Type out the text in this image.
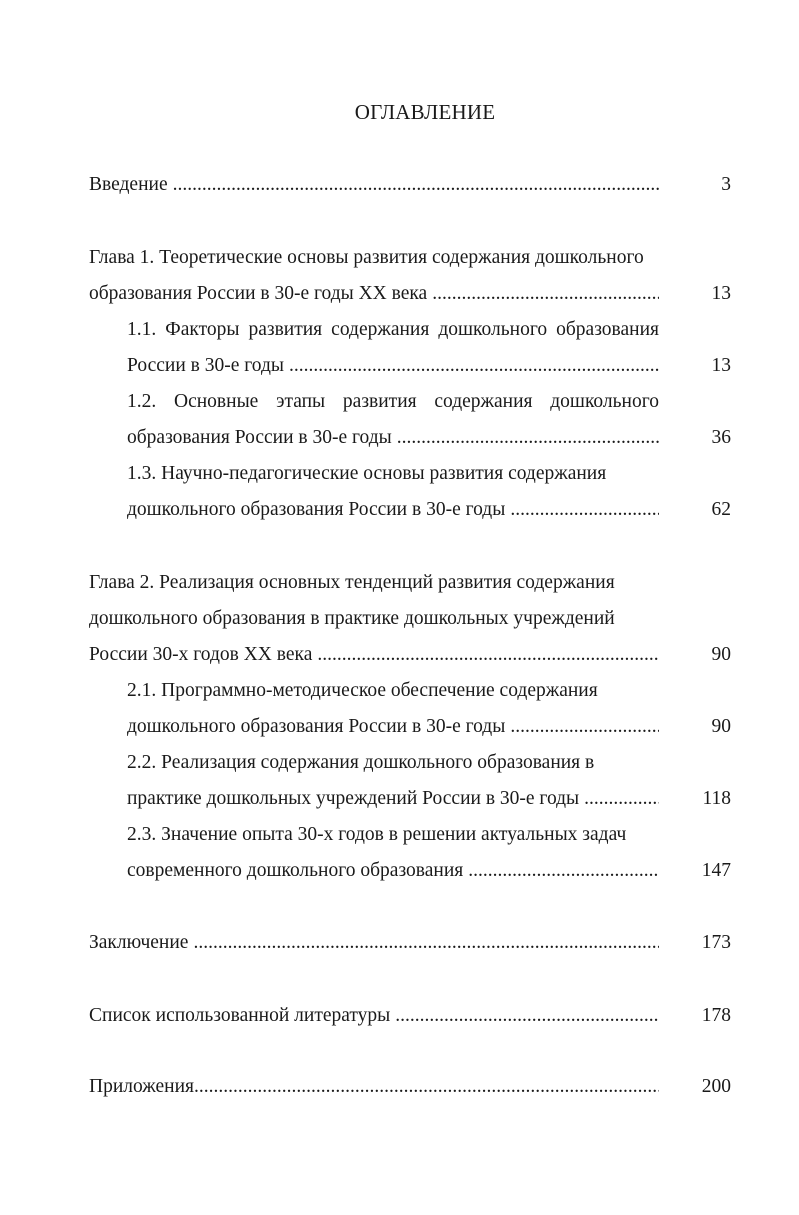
ОГЛАВЛЕНИЕ
Введение .....	3
Глава 1. Теоретические основы развития содержания дошкольного
образования России в 30-е годы XX века .....	13
1.1. Факторы развития содержания дошкольного образования
России в 30-е годы .....	13
1.2. Основные этапы развития содержания дошкольного
образования России в 30-е годы .....	36
1.3. Научно-педагогические основы развития содержания
дошкольного образования России в 30-е годы .....	62
Глава 2. Реализация основных тенденций развития содержания
дошкольного образования в практике дошкольных учреждений
России 30-х годов XX века .....	90
2.1. Программно-методическое обеспечение содержания
дошкольного образования России в 30-е годы .....	90
2.2. Реализация содержания дошкольного образования в
практике дошкольных учреждений России в 30-е годы .....	118
2.3. Значение опыта 30-х годов в решении актуальных задач
современного дошкольного образования .....	147
Заключение .....	173
Список использованной литературы .....	178
Приложения .....	200
